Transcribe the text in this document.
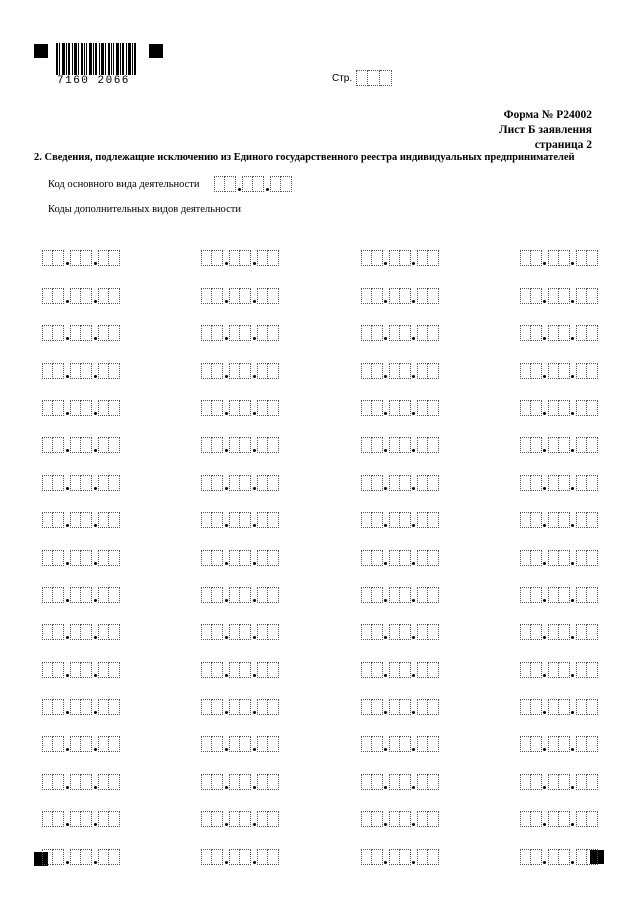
7160 2066	Стр.
Форма № Р24002
Лист Б заявления
страница 2
2. Сведения, подлежащие исключению из Единого государственного реестра индивидуальных предпринимателей
Код основного вида деятельности
Коды дополнительных видов деятельности
